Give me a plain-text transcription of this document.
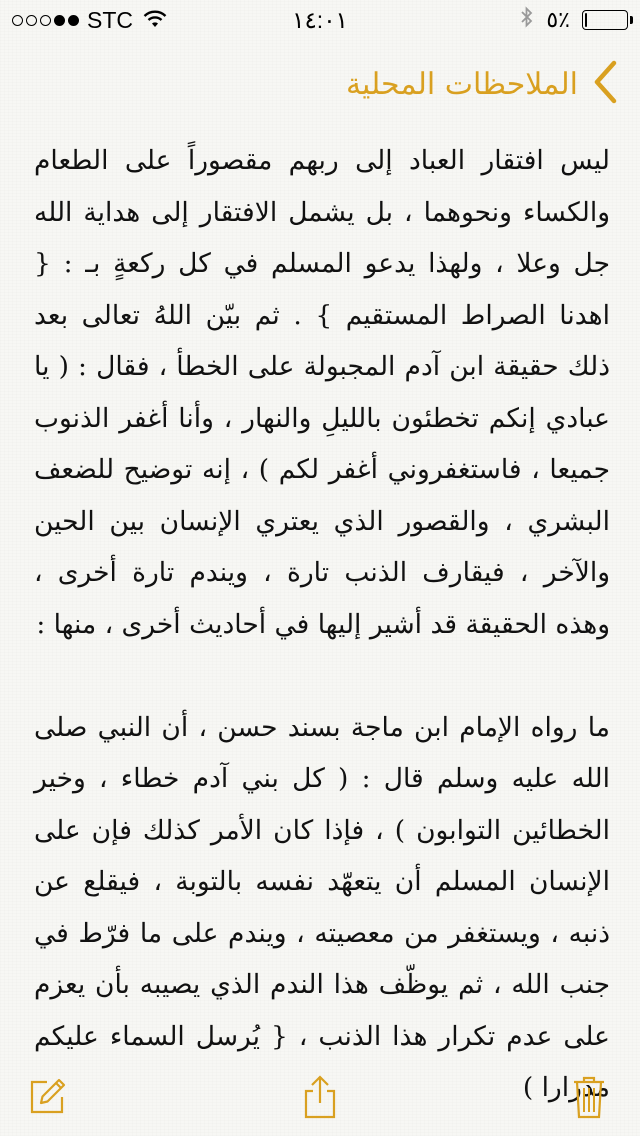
STC	١٤:٠١	٥٪
الملاحظات المحلية

ليس افتقار العباد إلى ربهم مقصوراً على الطعام والكساء ونحوهما ، بل يشمل الافتقار إلى هداية الله جل وعلا ، ولهذا يدعو المسلم في كل ركعةٍ بـ : { اهدنا الصراط المستقيم } . ثم بيّن اللهُ تعالى بعد ذلك حقيقة ابن آدم المجبولة على الخطأ ، فقال : ( يا عبادي إنكم تخطئون بالليلِ والنهار ، وأنا أغفر الذنوب جميعا ، فاستغفروني أغفر لكم ) ، إنه توضيح للضعف البشري ، والقصور الذي يعتري الإنسان بين الحين والآخر ، فيقارف الذنب تارة ، ويندم تارة أخرى ، وهذه الحقيقة قد أشير إليها في أحاديث أخرى ، منها :

ما رواه الإمام ابن ماجة بسند حسن ، أن النبي صلى الله عليه وسلم قال : ( كل بني آدم خطاء ، وخير الخطائين التوابون ) ، فإذا كان الأمر كذلك فإن على الإنسان المسلم أن يتعهّد نفسه بالتوبة ، فيقلع عن ذنبه ، ويستغفر من معصيته ، ويندم على ما فرّط في جنب الله ، ثم يوظّف هذا الندم الذي يصيبه بأن يعزم على عدم تكرار هذا الذنب ، { يُرسل السماء عليكم مدرارا )
